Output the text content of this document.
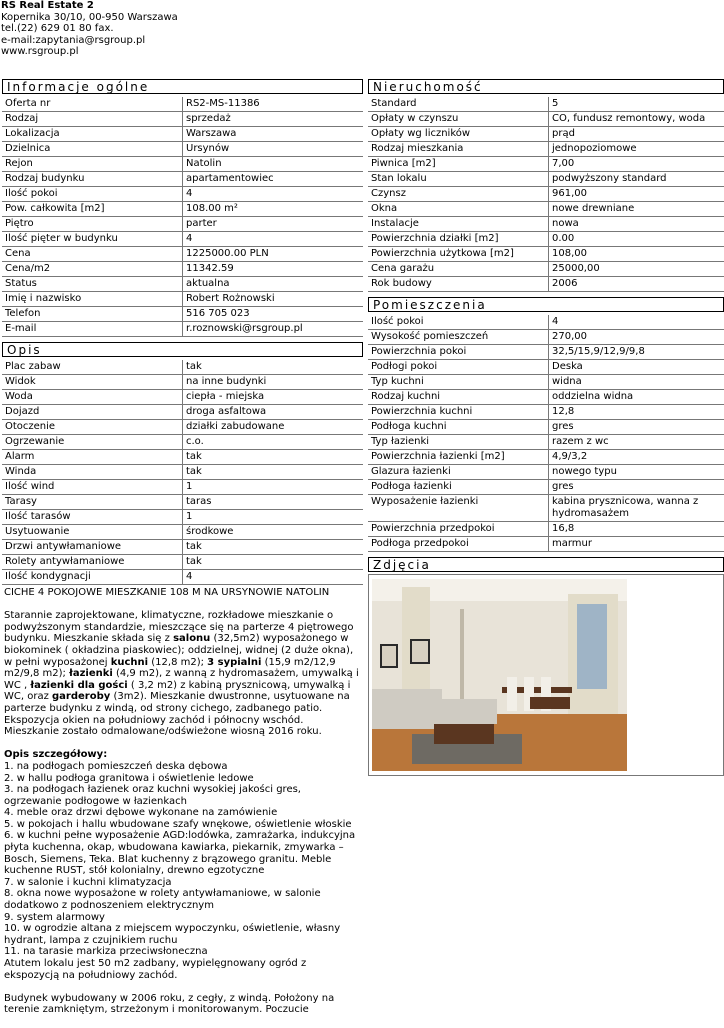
RS Real Estate 2
Kopernika 30/10, 00-950 Warszawa
tel.(22) 629 01 80 fax.
e-mail:zapytania@rsgroup.pl
www.rsgroup.pl
Informacje ogólne
Oferta nr	RS2-MS-11386
Rodzaj	sprzedaż
Lokalizacja	Warszawa
Dzielnica	Ursynów
Rejon	Natolin
Rodzaj budynku	apartamentowiec
Ilość pokoi	4
Pow. całkowita [m2]	108.00 m²
Piętro	parter
Ilość pięter w budynku	4
Cena	1225000.00 PLN
Cena/m2	11342.59
Status	aktualna
Imię i nazwisko	Robert Rożnowski
Telefon	516 705 023
E-mail	r.roznowski@rsgroup.pl
Opis
Plac zabaw	tak
Widok	na inne budynki
Woda	ciepła - miejska
Dojazd	droga asfaltowa
Otoczenie	działki zabudowane
Ogrzewanie	c.o.
Alarm	tak
Winda	tak
Ilość wind	1
Tarasy	taras
Ilość tarasów	1
Usytuowanie	środkowe
Drzwi antywłamaniowe	tak
Rolety antywłamaniowe	tak
Ilość kondygnacji	4
CICHE 4 POKOJOWE MIESZKANIE 108 M NA URSYNOWIE NATOLIN

Starannie zaprojektowane, klimatyczne, rozkładowe mieszkanie o podwyższonym standardzie, mieszczące się na parterze 4 piętrowego budynku. Mieszkanie składa się z salonu (32,5m2) wyposażonego w biokominek ( okładzina piaskowiec); oddzielnej, widnej (2 duże okna), w pełni wyposażonej kuchni (12,8 m2); 3 sypialni (15,9 m2/12,9 m2/9,8 m2); łazienki (4,9 m2), z wanną z hydromasażem, umywalką i WC , łazienki dla gości ( 3,2 m2) z kabiną prysznicową, umywalką i WC, oraz garderoby (3m2). Mieszkanie dwustronne, usytuowane na parterze budynku z windą, od strony cichego, zadbanego patio. Ekspozycja okien na południowy zachód i północny wschód. Mieszkanie zostało odmalowane/odświeżone wiosną 2016 roku.

Opis szczegółowy:
1. na podłogach pomieszczeń deska dębowa
2. w hallu podłoga granitowa i oświetlenie ledowe
3. na podłogach łazienek oraz kuchni wysokiej jakości gres, ogrzewanie podłogowe w łazienkach
4. meble oraz drzwi dębowe wykonane na zamówienie
5. w pokojach i hallu wbudowane szafy wnękowe, oświetlenie włoskie
6. w kuchni pełne wyposażenie AGD:lodówka, zamrażarka, indukcyjna płyta kuchenna, okap, wbudowana kawiarka, piekarnik, zmywarka – Bosch, Siemens, Teka. Blat kuchenny z brązowego granitu. Meble kuchenne RUST, stół kolonialny, drewno egzotyczne
7. w salonie i kuchni klimatyzacja
8. okna nowe wyposażone w rolety antywłamaniowe, w salonie dodatkowo z podnoszeniem elektrycznym
9. system alarmowy
10. w ogrodzie altana z miejscem wypoczynku, oświetlenie, własny hydrant, lampa z czujnikiem ruchu
11. na tarasie markiza przeciwsłoneczna
Atutem lokalu jest 50 m2 zadbany, wypielęgnowany ogród z ekspozycją na południowy zachód.

Budynek wybudowany w 2006 roku, z cegły, z windą. Położony na terenie zamkniętym, strzeżonym i monitorowanym. Poczucie

Nieruchomość
Standard	5
Opłaty w czynszu	CO, fundusz remontowy, woda
Opłaty wg liczników	prąd
Rodzaj mieszkania	jednopoziomowe
Piwnica [m2]	7,00
Stan lokalu	podwyższony standard
Czynsz	961,00
Okna	nowe drewniane
Instalacje	nowa
Powierzchnia działki [m2]	0.00
Powierzchnia użytkowa [m2]	108,00
Cena garażu	25000,00
Rok budowy	2006
Pomieszczenia
Ilość pokoi	4
Wysokość pomieszczeń	270,00
Powierzchnia pokoi	32,5/15,9/12,9/9,8
Podłogi pokoi	Deska
Typ kuchni	widna
Rodzaj kuchni	oddzielna widna
Powierzchnia kuchni	12,8
Podłoga kuchni	gres
Typ łazienki	razem z wc
Powierzchnia łazienki [m2]	4,9/3,2
Glazura łazienki	nowego typu
Podłoga łazienki	gres
Wyposażenie łazienki	kabina prysznicowa, wanna z hydromasażem
Powierzchnia przedpokoi	16,8
Podłoga przedpokoi	marmur
Zdjęcia
